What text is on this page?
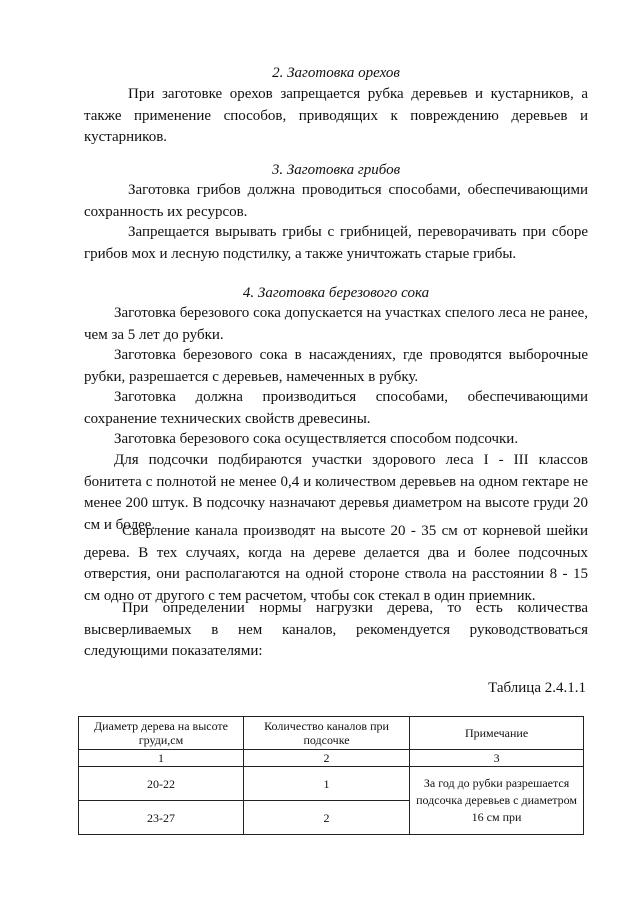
2. Заготовка орехов

При заготовке орехов запрещается рубка деревьев и кустарников, а также применение способов, приводящих к повреждению деревьев и кустарников.

3. Заготовка грибов

Заготовка грибов должна проводиться способами, обеспечивающими сохранность их ресурсов.

Запрещается вырывать грибы с грибницей, переворачивать при сборе грибов мох и лесную подстилку, а также уничтожать старые грибы.

4. Заготовка березового сока

Заготовка березового сока допускается на участках спелого леса не ранее, чем за 5 лет до рубки.

Заготовка березового сока в насаждениях, где проводятся выборочные рубки, разрешается с деревьев, намеченных в рубку.

Заготовка должна производиться способами, обеспечивающими сохранение технических свойств древесины.

Заготовка березового сока осуществляется способом подсочки.

Для подсочки подбираются участки здорового леса I - III классов бонитета с полнотой не менее 0,4 и количеством деревьев на одном гектаре не менее 200 штук. В подсочку назначают деревья диаметром на высоте груди 20 см и более.

Сверление канала производят на высоте 20 - 35 см от корневой шейки дерева. В тех случаях, когда на дереве делается два и более подсочных отверстия, они располагаются на одной стороне ствола на расстоянии 8 - 15 см одно от другого с тем расчетом, чтобы сок стекал в один приемник.

При определении нормы нагрузки дерева, то есть количества высверливаемых в нем каналов, рекомендуется руководствоваться следующими показателями:

Таблица 2.4.1.1
Диаметр дерева на высоте груди,см	Количество каналов при подсочке	Примечание
1	2	3
20-22	1	За год до рубки разрешается подсочка деревьев с диаметром 16 см при
23-27	2	
